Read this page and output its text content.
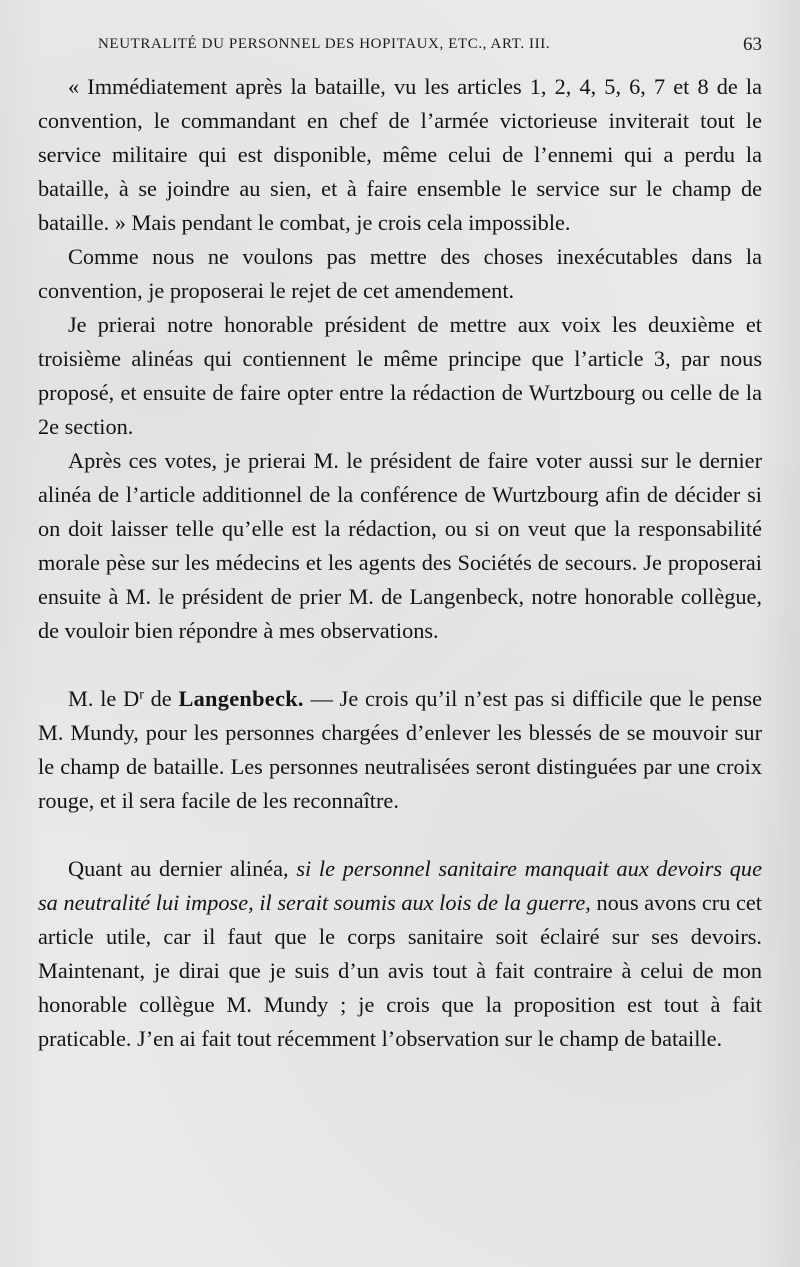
NEUTRALITÉ DU PERSONNEL DES HOPITAUX, ETC., ART. III.	63

« Immédiatement après la bataille, vu les articles 1, 2, 4, 5, 6, 7 et 8 de la convention, le commandant en chef de l’armée victorieuse inviterait tout le service militaire qui est disponible, même celui de l’ennemi qui a perdu la bataille, à se joindre au sien, et à faire ensemble le service sur le champ de bataille. » Mais pendant le combat, je crois cela impossible.

Comme nous ne voulons pas mettre des choses inexécutables dans la convention, je proposerai le rejet de cet amendement.

Je prierai notre honorable président de mettre aux voix les deuxième et troisième alinéas qui contiennent le même principe que l’article 3, par nous proposé, et ensuite de faire opter entre la rédaction de Wurtzbourg ou celle de la 2e section.

Après ces votes, je prierai M. le président de faire voter aussi sur le dernier alinéa de l’article additionnel de la conférence de Wurtzbourg afin de décider si on doit laisser telle qu’elle est la rédaction, ou si on veut que la responsabilité morale pèse sur les médecins et les agents des Sociétés de secours. Je proposerai ensuite à M. le président de prier M. de Langenbeck, notre honorable collègue, de vouloir bien répondre à mes observations.

M. le $D^r$ de Langenbeck. — Je crois qu’il n’est pas si difficile que le pense M. Mundy, pour les personnes chargées d’enlever les blessés de se mouvoir sur le champ de bataille. Les personnes neutralisées seront distinguées par une croix rouge, et il sera facile de les reconnaître.

Quant au dernier alinéa, si le personnel sanitaire manquait aux devoirs que sa neutralité lui impose, il serait soumis aux lois de la guerre, nous avons cru cet article utile, car il faut que le corps sanitaire soit éclairé sur ses devoirs. Maintenant, je dirai que je suis d’un avis tout à fait contraire à celui de mon honorable collègue M. Mundy ; je crois que la proposition est tout à fait praticable. J’en ai fait tout récemment l’observation sur le champ de bataille.
